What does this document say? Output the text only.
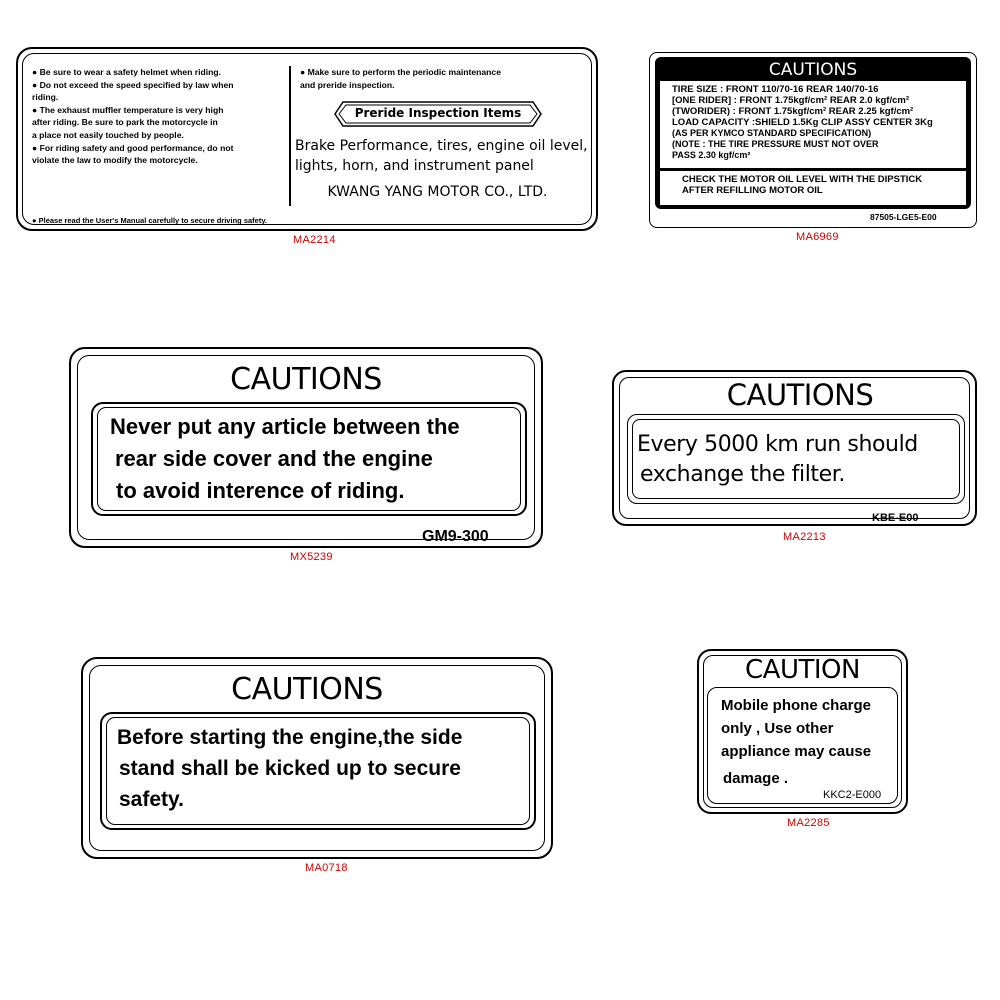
● Be sure to wear a safety helmet when riding.
● Do not exceed the speed specified by law when
riding.
● The exhaust muffler temperature is very high
after riding. Be sure to park the motorcycle in
a place not easily touched by people.
● For riding safety and good performance, do not
violate the law to modify the motorcycle.
● Make sure to perform the periodic maintenance
and preride inspection.
Preride Inspection Items
Brake Performance, tires, engine oil level,
lights, horn, and instrument panel
KWANG YANG MOTOR CO., LTD.
● Please read the User's Manual carefully to secure driving safety.
MA2214
CAUTIONS
TIRE SIZE : FRONT 110/70-16 REAR 140/70-16
[ONE RIDER] : FRONT 1.75kgf/cm² REAR 2.0 kgf/cm²
(TWORIDER) : FRONT 1.75kgf/cm² REAR 2.25 kgf/cm²
LOAD CAPACITY :SHIELD 1.5Kg CLIP ASSY CENTER 3Kg
(AS PER KYMCO STANDARD SPECIFICATION)
(NOTE : THE TIRE PRESSURE MUST NOT OVER
PASS 2.30 kgf/cm²
CHECK THE MOTOR OIL LEVEL WITH THE DIPSTICK
AFTER REFILLING MOTOR OIL
87505-LGE5-E00
MA6969
CAUTIONS
Never put any article between the
rear side cover and the engine
to avoid interence of riding.
GM9-300
MX5239
CAUTIONS
Every 5000 km run should
exchange the filter.
KBE-E00
MA2213
CAUTIONS
Before starting the engine,the side
stand shall be kicked up to secure
safety.
MA0718
CAUTION
Mobile phone charge
only , Use other
appliance may cause
damage .
KKC2-E000
MA2285
